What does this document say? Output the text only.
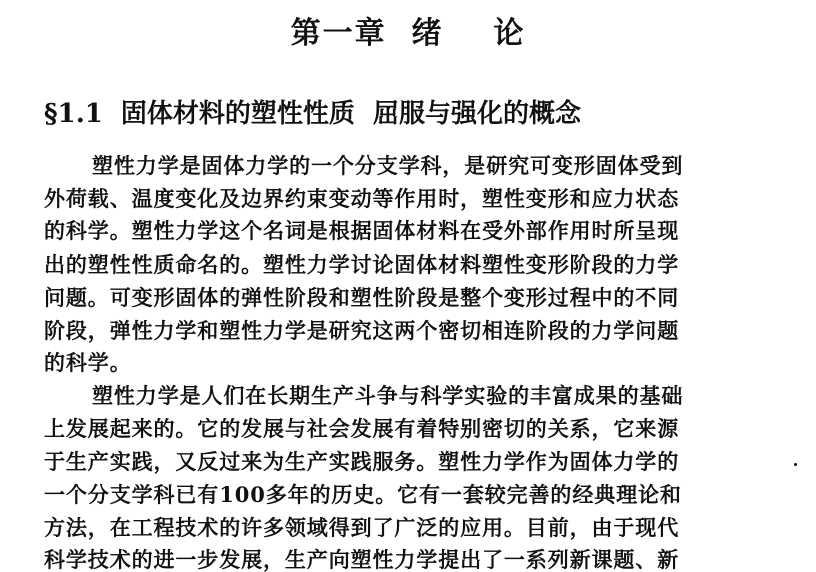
第一章  绪    论
§1.1  固体材料的塑性性质  屈服与强化的概念
塑性力学是固体力学的一个分支学科，是研究可变形固体受到
外荷载、温度变化及边界约束变动等作用时，塑性变形和应力状态
的科学。塑性力学这个名词是根据固体材料在受外部作用时所呈现
出的塑性性质命名的。塑性力学讨论固体材料塑性变形阶段的力学
问题。可变形固体的弹性阶段和塑性阶段是整个变形过程中的不同
阶段，弹性力学和塑性力学是研究这两个密切相连阶段的力学问题
的科学。
塑性力学是人们在长期生产斗争与科学实验的丰富成果的基础
上发展起来的。它的发展与社会发展有着特别密切的关系，它来源
于生产实践，又反过来为生产实践服务。塑性力学作为固体力学的
一个分支学科已有100多年的历史。它有一套较完善的经典理论和
方法，在工程技术的许多领域得到了广泛的应用。目前，由于现代
科学技术的进一步发展，生产向塑性力学提出了一系列新课题、新
